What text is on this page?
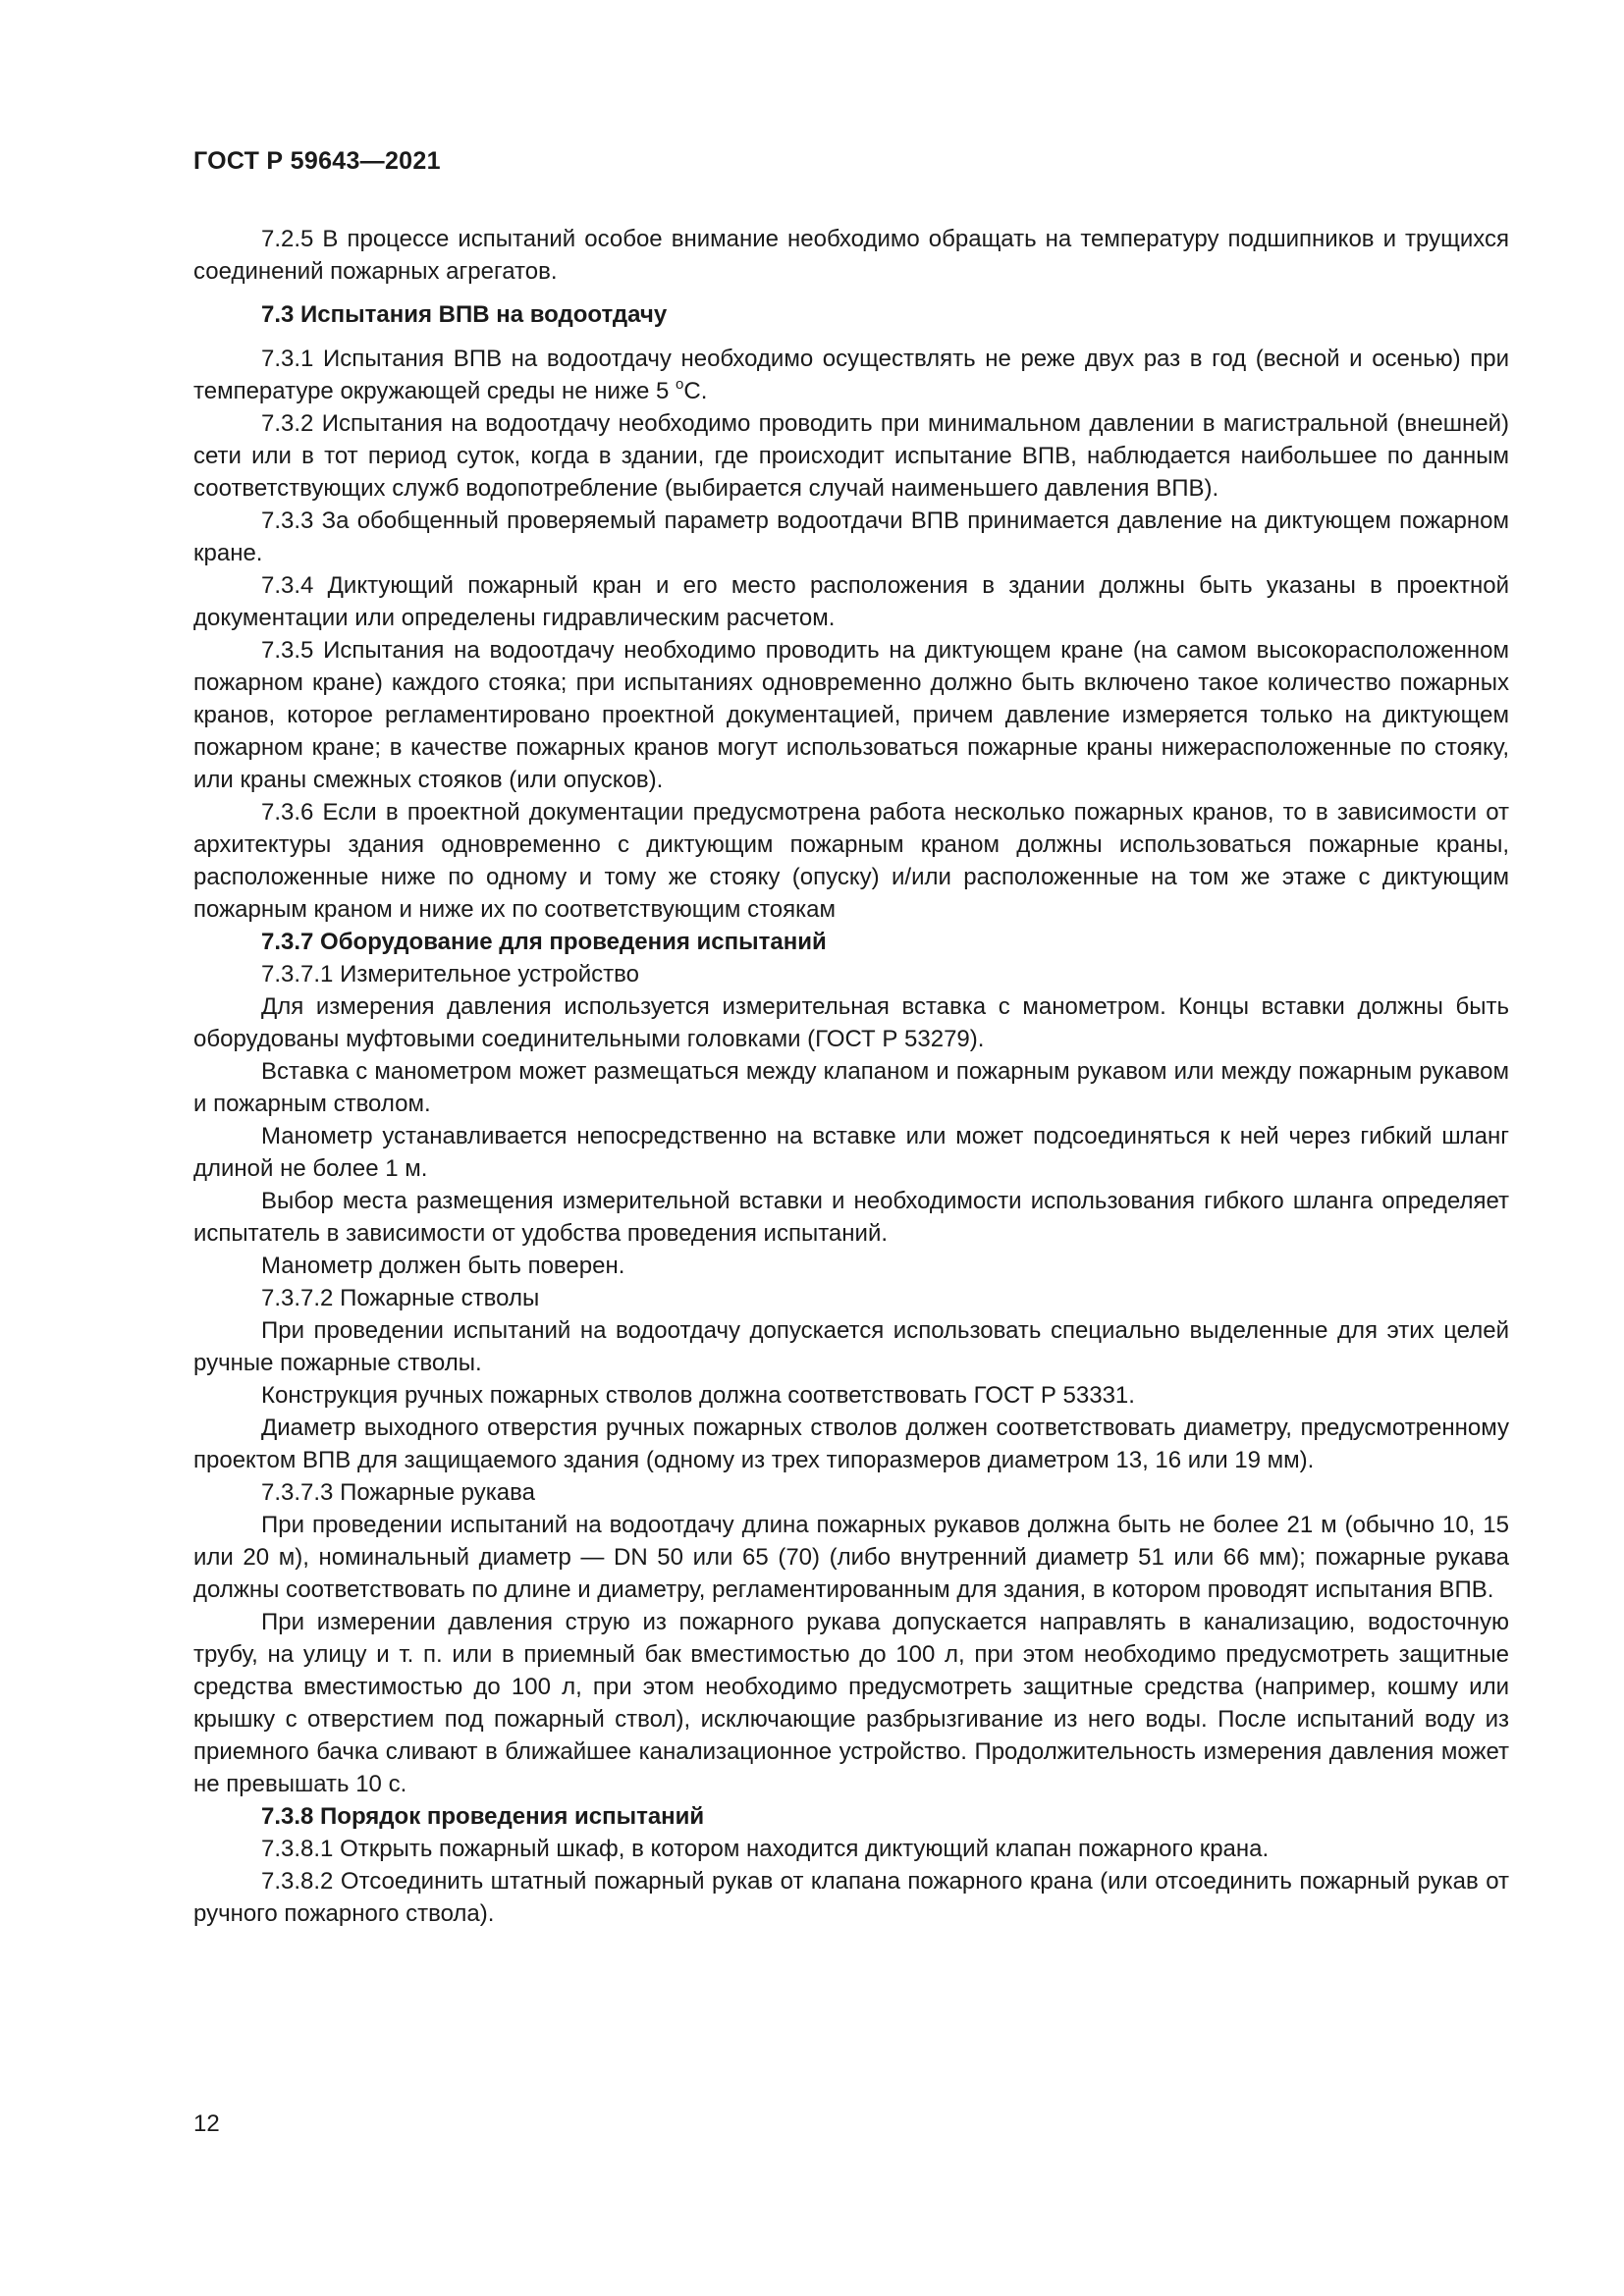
ГОСТ Р 59643—2021

7.2.5 В процессе испытаний особое внимание необходимо обращать на температуру подшипников и трущихся соединений пожарных агрегатов.

7.3 Испытания ВПВ на водоотдачу

7.3.1 Испытания ВПВ на водоотдачу необходимо осуществлять не реже двух раз в год (весной и осенью) при температуре окружающей среды не ниже 5 $^o$C.

7.3.2 Испытания на водоотдачу необходимо проводить при минимальном давлении в магистральной (внешней) сети или в тот период суток, когда в здании, где происходит испытание ВПВ, наблюдается наибольшее по данным соответствующих служб водопотребление (выбирается случай наименьшего давления ВПВ).

7.3.3 За обобщенный проверяемый параметр водоотдачи ВПВ принимается давление на диктующем пожарном кране.

7.3.4 Диктующий пожарный кран и его место расположения в здании должны быть указаны в проектной документации или определены гидравлическим расчетом.

7.3.5 Испытания на водоотдачу необходимо проводить на диктующем кране (на самом высокорасположенном пожарном кране) каждого стояка; при испытаниях одновременно должно быть включено такое количество пожарных кранов, которое регламентировано проектной документацией, причем давление измеряется только на диктующем пожарном кране; в качестве пожарных кранов могут использоваться пожарные краны нижерасположенные по стояку, или краны смежных стояков (или опусков).

7.3.6 Если в проектной документации предусмотрена работа несколько пожарных кранов, то в зависимости от архитектуры здания одновременно с диктующим пожарным краном должны использоваться пожарные краны, расположенные ниже по одному и тому же стояку (опуску) и/или расположенные на том же этаже с диктующим пожарным краном и ниже их по соответствующим стоякам

7.3.7 Оборудование для проведения испытаний

7.3.7.1 Измерительное устройство

Для измерения давления используется измерительная вставка с манометром. Концы вставки должны быть оборудованы муфтовыми соединительными головками (ГОСТ Р 53279).

Вставка с манометром может размещаться между клапаном и пожарным рукавом или между пожарным рукавом и пожарным стволом.

Манометр устанавливается непосредственно на вставке или может подсоединяться к ней через гибкий шланг длиной не более 1 м.

Выбор места размещения измерительной вставки и необходимости использования гибкого шланга определяет испытатель в зависимости от удобства проведения испытаний.

Манометр должен быть поверен.

7.3.7.2 Пожарные стволы

При проведении испытаний на водоотдачу допускается использовать специально выделенные для этих целей ручные пожарные стволы.

Конструкция ручных пожарных стволов должна соответствовать ГОСТ Р 53331.

Диаметр выходного отверстия ручных пожарных стволов должен соответствовать диаметру, предусмотренному проектом ВПВ для защищаемого здания (одному из трех типоразмеров диаметром 13, 16 или 19 мм).

7.3.7.3 Пожарные рукава

При проведении испытаний на водоотдачу длина пожарных рукавов должна быть не более 21 м (обычно 10, 15 или 20 м), номинальный диаметр — DN 50 или 65 (70) (либо внутренний диаметр 51 или 66 мм); пожарные рукава должны соответствовать по длине и диаметру, регламентированным для здания, в котором проводят испытания ВПВ.

При измерении давления струю из пожарного рукава допускается направлять в канализацию, водосточную трубу, на улицу и т. п. или в приемный бак вместимостью до 100 л, при этом необходимо предусмотреть защитные средства вместимостью до 100 л, при этом необходимо предусмотреть защитные средства (например, кошму или крышку с отверстием под пожарный ствол), исключающие разбрызгивание из него воды. После испытаний воду из приемного бачка сливают в ближайшее канализационное устройство. Продолжительность измерения давления может не превышать 10 с.

7.3.8 Порядок проведения испытаний

7.3.8.1 Открыть пожарный шкаф, в котором находится диктующий клапан пожарного крана.

7.3.8.2 Отсоединить штатный пожарный рукав от клапана пожарного крана (или отсоединить пожарный рукав от ручного пожарного ствола).

12
